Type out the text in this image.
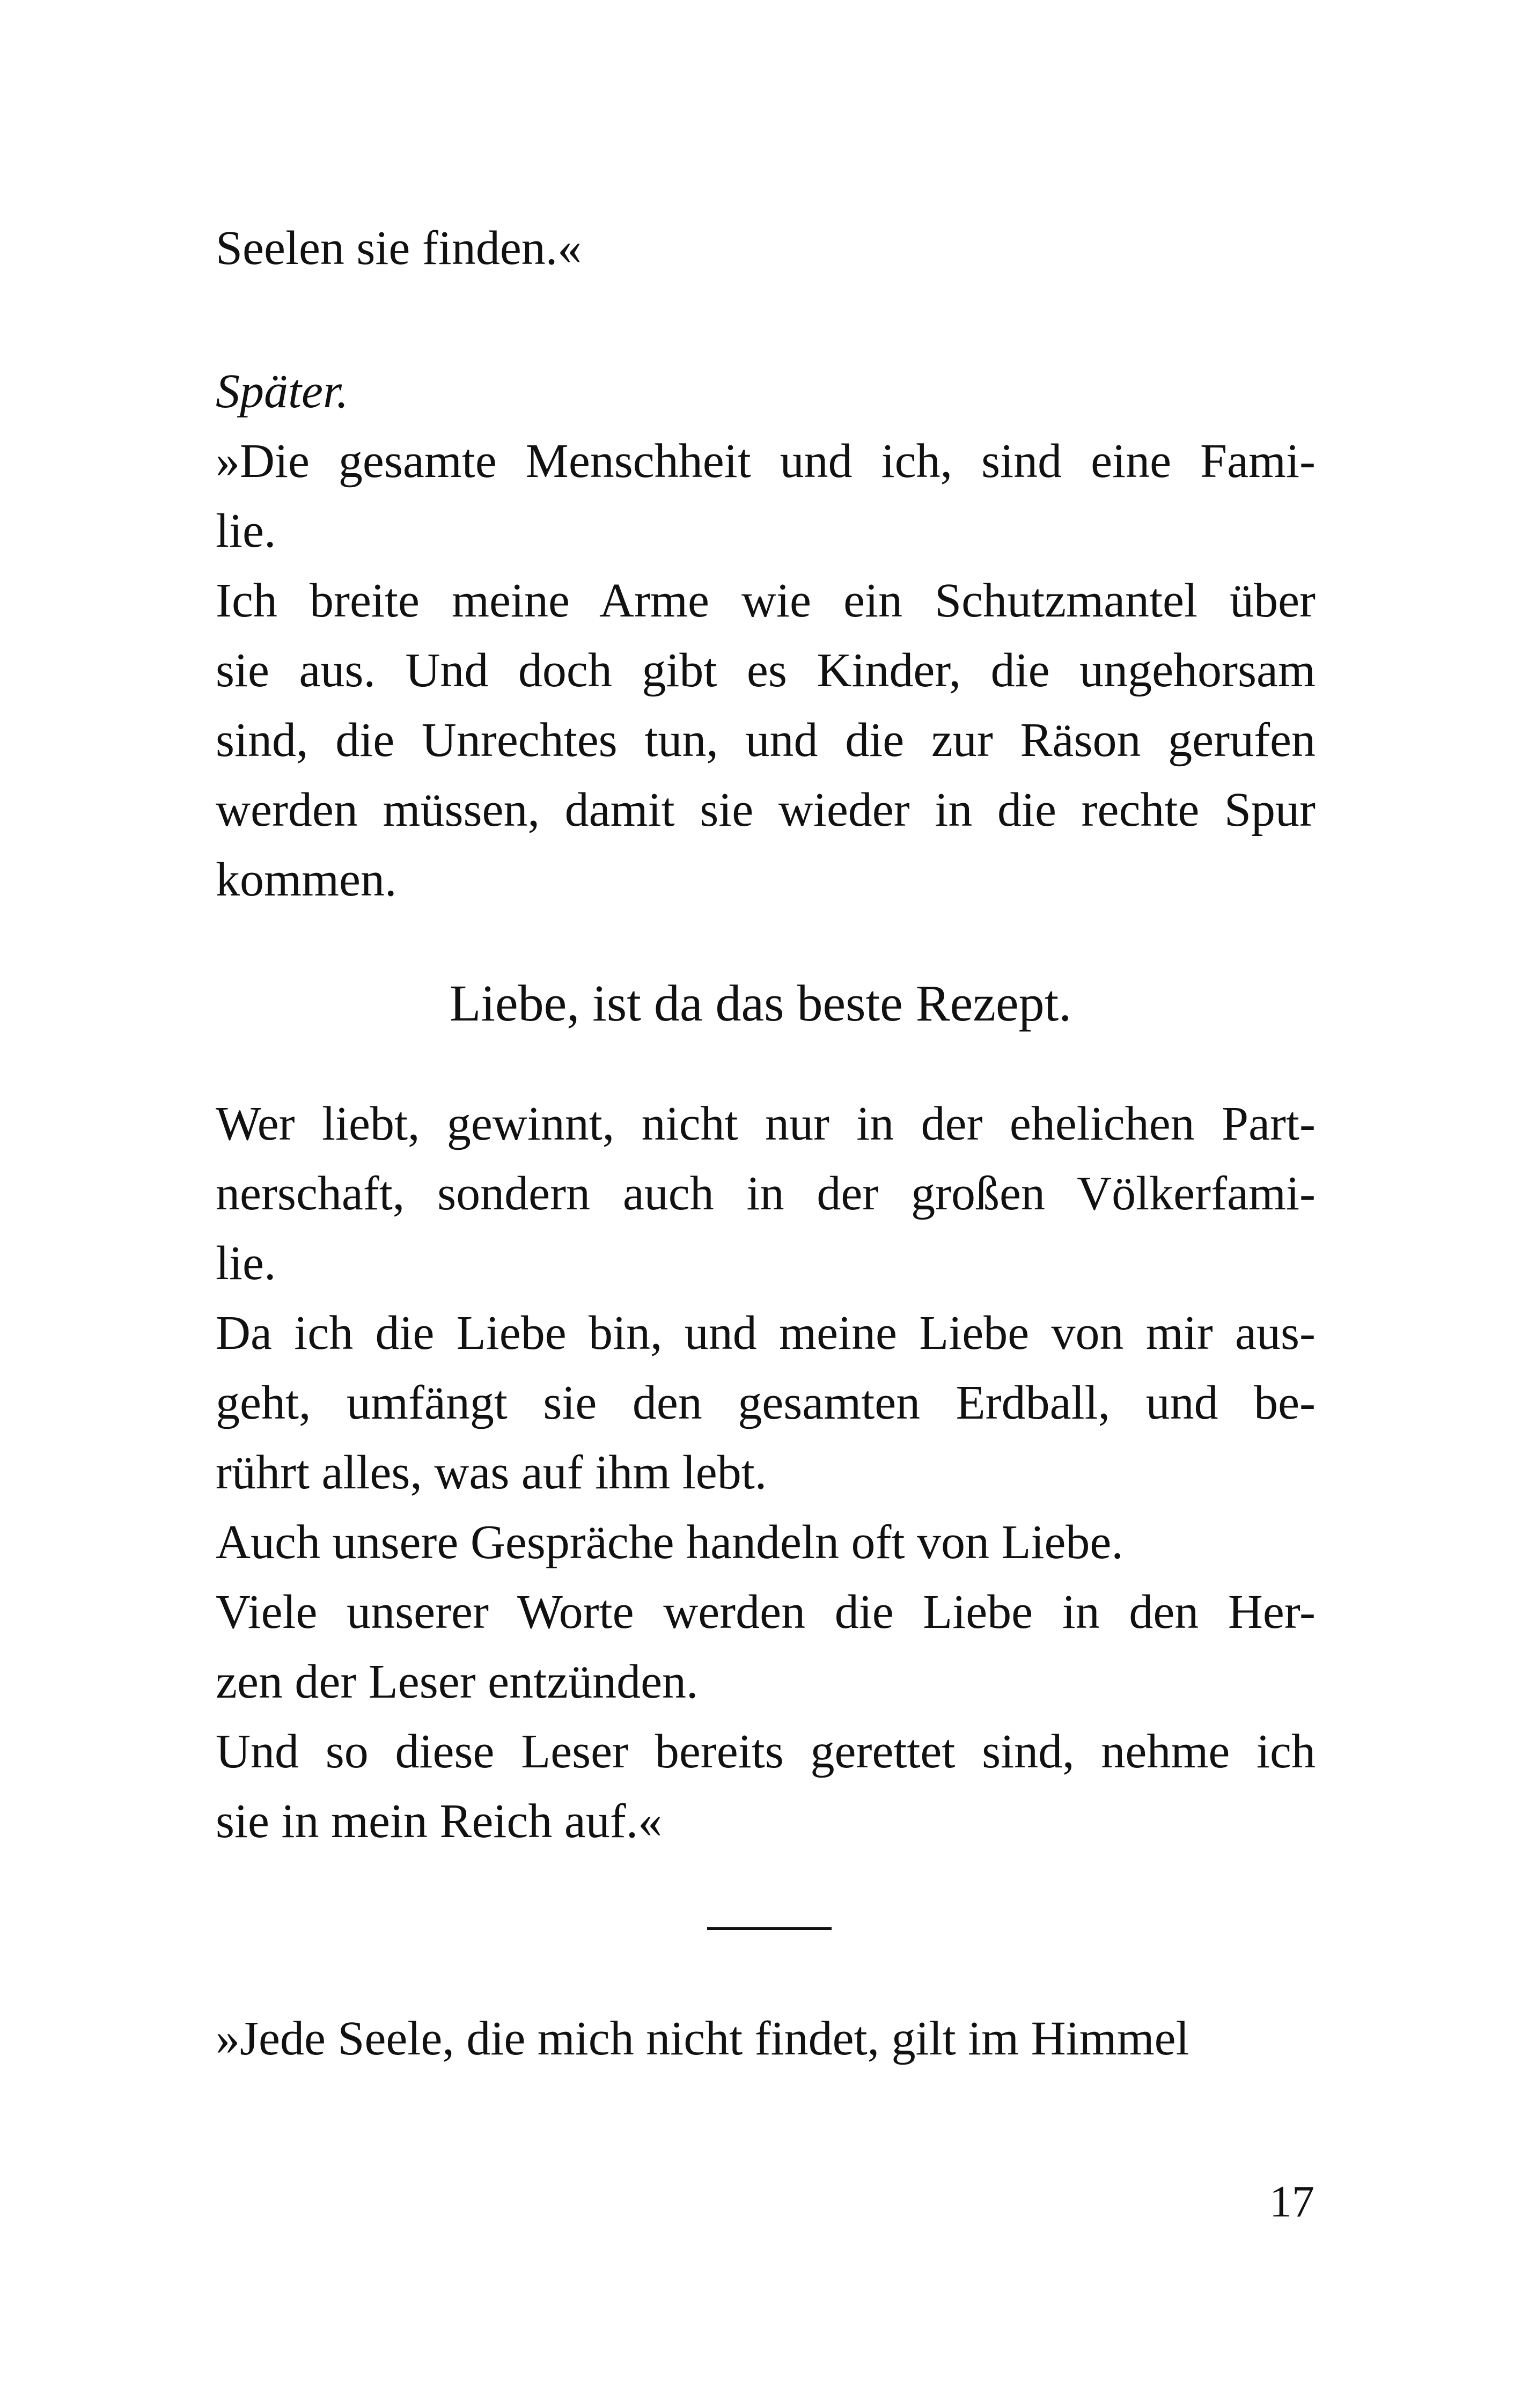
Seelen sie finden.«
Später.
»Die gesamte Menschheit und ich, sind eine Fami-
lie.
Ich breite meine Arme wie ein Schutzmantel über
sie aus. Und doch gibt es Kinder, die ungehorsam
sind, die Unrechtes tun, und die zur Räson gerufen
werden müssen, damit sie wieder in die rechte Spur
kommen.
Liebe, ist da das beste Rezept.
Wer liebt, gewinnt, nicht nur in der ehelichen Part-
nerschaft, sondern auch in der großen Völkerfami-
lie.
Da ich die Liebe bin, und meine Liebe von mir aus-
geht, umfängt sie den gesamten Erdball, und be-
rührt alles, was auf ihm lebt.
Auch unsere Gespräche handeln oft von Liebe.
Viele unserer Worte werden die Liebe in den Her-
zen der Leser entzünden.
Und so diese Leser bereits gerettet sind, nehme ich
sie in mein Reich auf.«
»Jede Seele, die mich nicht findet, gilt im Himmel
17
